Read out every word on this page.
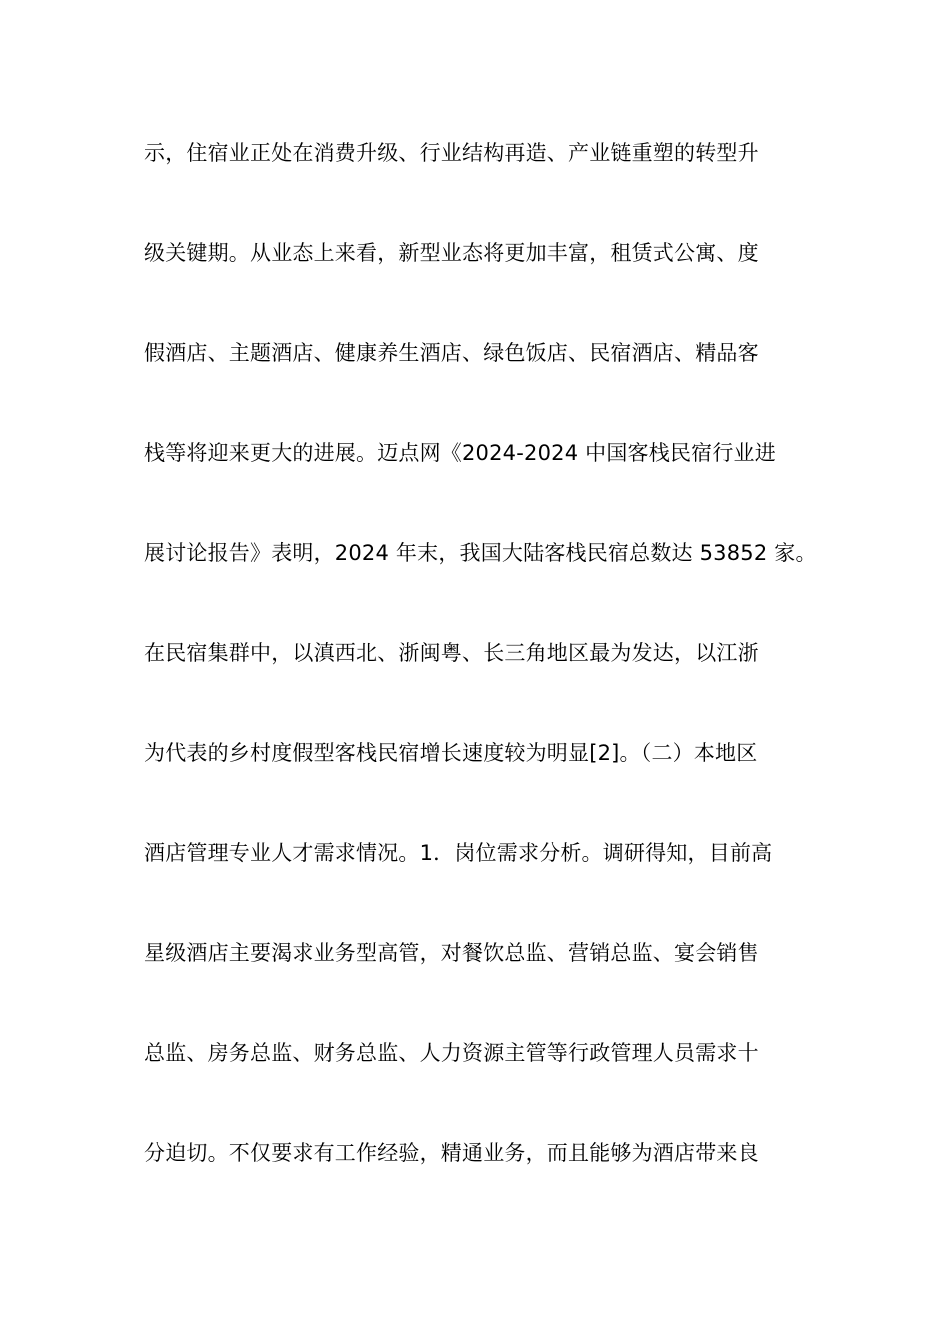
示，住宿业正处在消费升级、行业结构再造、产业链重塑的转型升
级关键期。从业态上来看，新型业态将更加丰富，租赁式公寓、度
假酒店、主题酒店、健康养生酒店、绿色饭店、民宿酒店、精品客
栈等将迎来更大的进展。迈点网《2024-2024 中国客栈民宿行业进
展讨论报告》表明，2024 年末，我国大陆客栈民宿总数达 53852 家。
在民宿集群中，以滇西北、浙闽粤、长三角地区最为发达，以江浙
为代表的乡村度假型客栈民宿增长速度较为明显[2]。（二）本地区
酒店管理专业人才需求情况。1．岗位需求分析。调研得知，目前高
星级酒店主要渴求业务型高管，对餐饮总监、营销总监、宴会销售
总监、房务总监、财务总监、人力资源主管等行政管理人员需求十
分迫切。不仅要求有工作经验，精通业务，而且能够为酒店带来良
